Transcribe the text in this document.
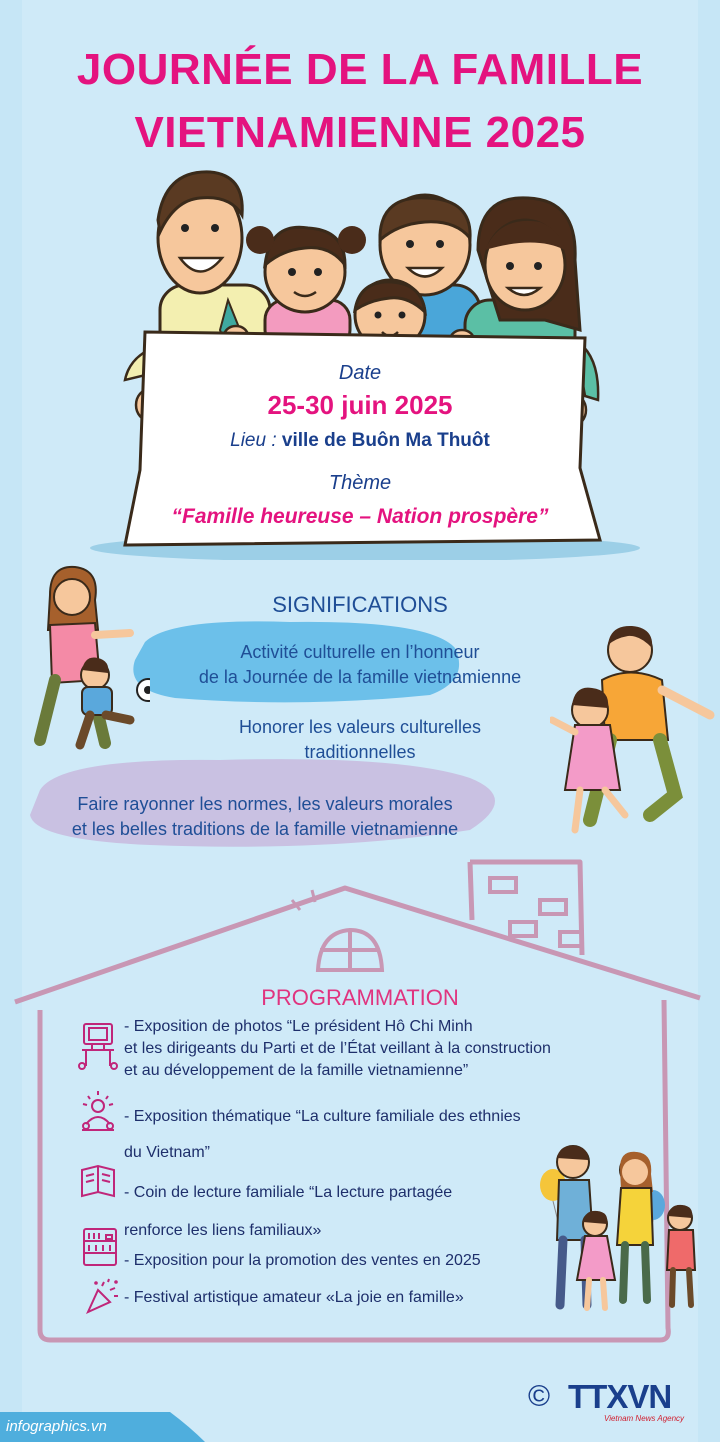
JOURNÉE DE LA FAMILLE
VIETNAMIENNE 2025
Date
25-30 juin 2025
Lieu : ville de Buôn Ma Thuôt
Thème
“Famille heureuse – Nation prospère”
SIGNIFICATIONS
Activité culturelle en l’honneur
de la Journée de la famille vietnamienne
Honorer les valeurs culturelles
traditionnelles
Faire rayonner les normes, les valeurs morales
et les belles traditions de la famille vietnamienne
PROGRAMMATION
- Exposition de photos “Le président Hô Chi Minh
et les dirigeants du Parti et de l’État veillant à la construction
et au développement de la famille vietnamienne”
- Exposition thématique “La culture familiale des ethnies
du Vietnam”
- Coin de lecture familiale “La lecture partagée
renforce les liens familiaux»
- Exposition pour la promotion des ventes en 2025
- Festival artistique amateur «La joie en famille»
infographics.vn
© TTXVN
Vietnam News Agency
